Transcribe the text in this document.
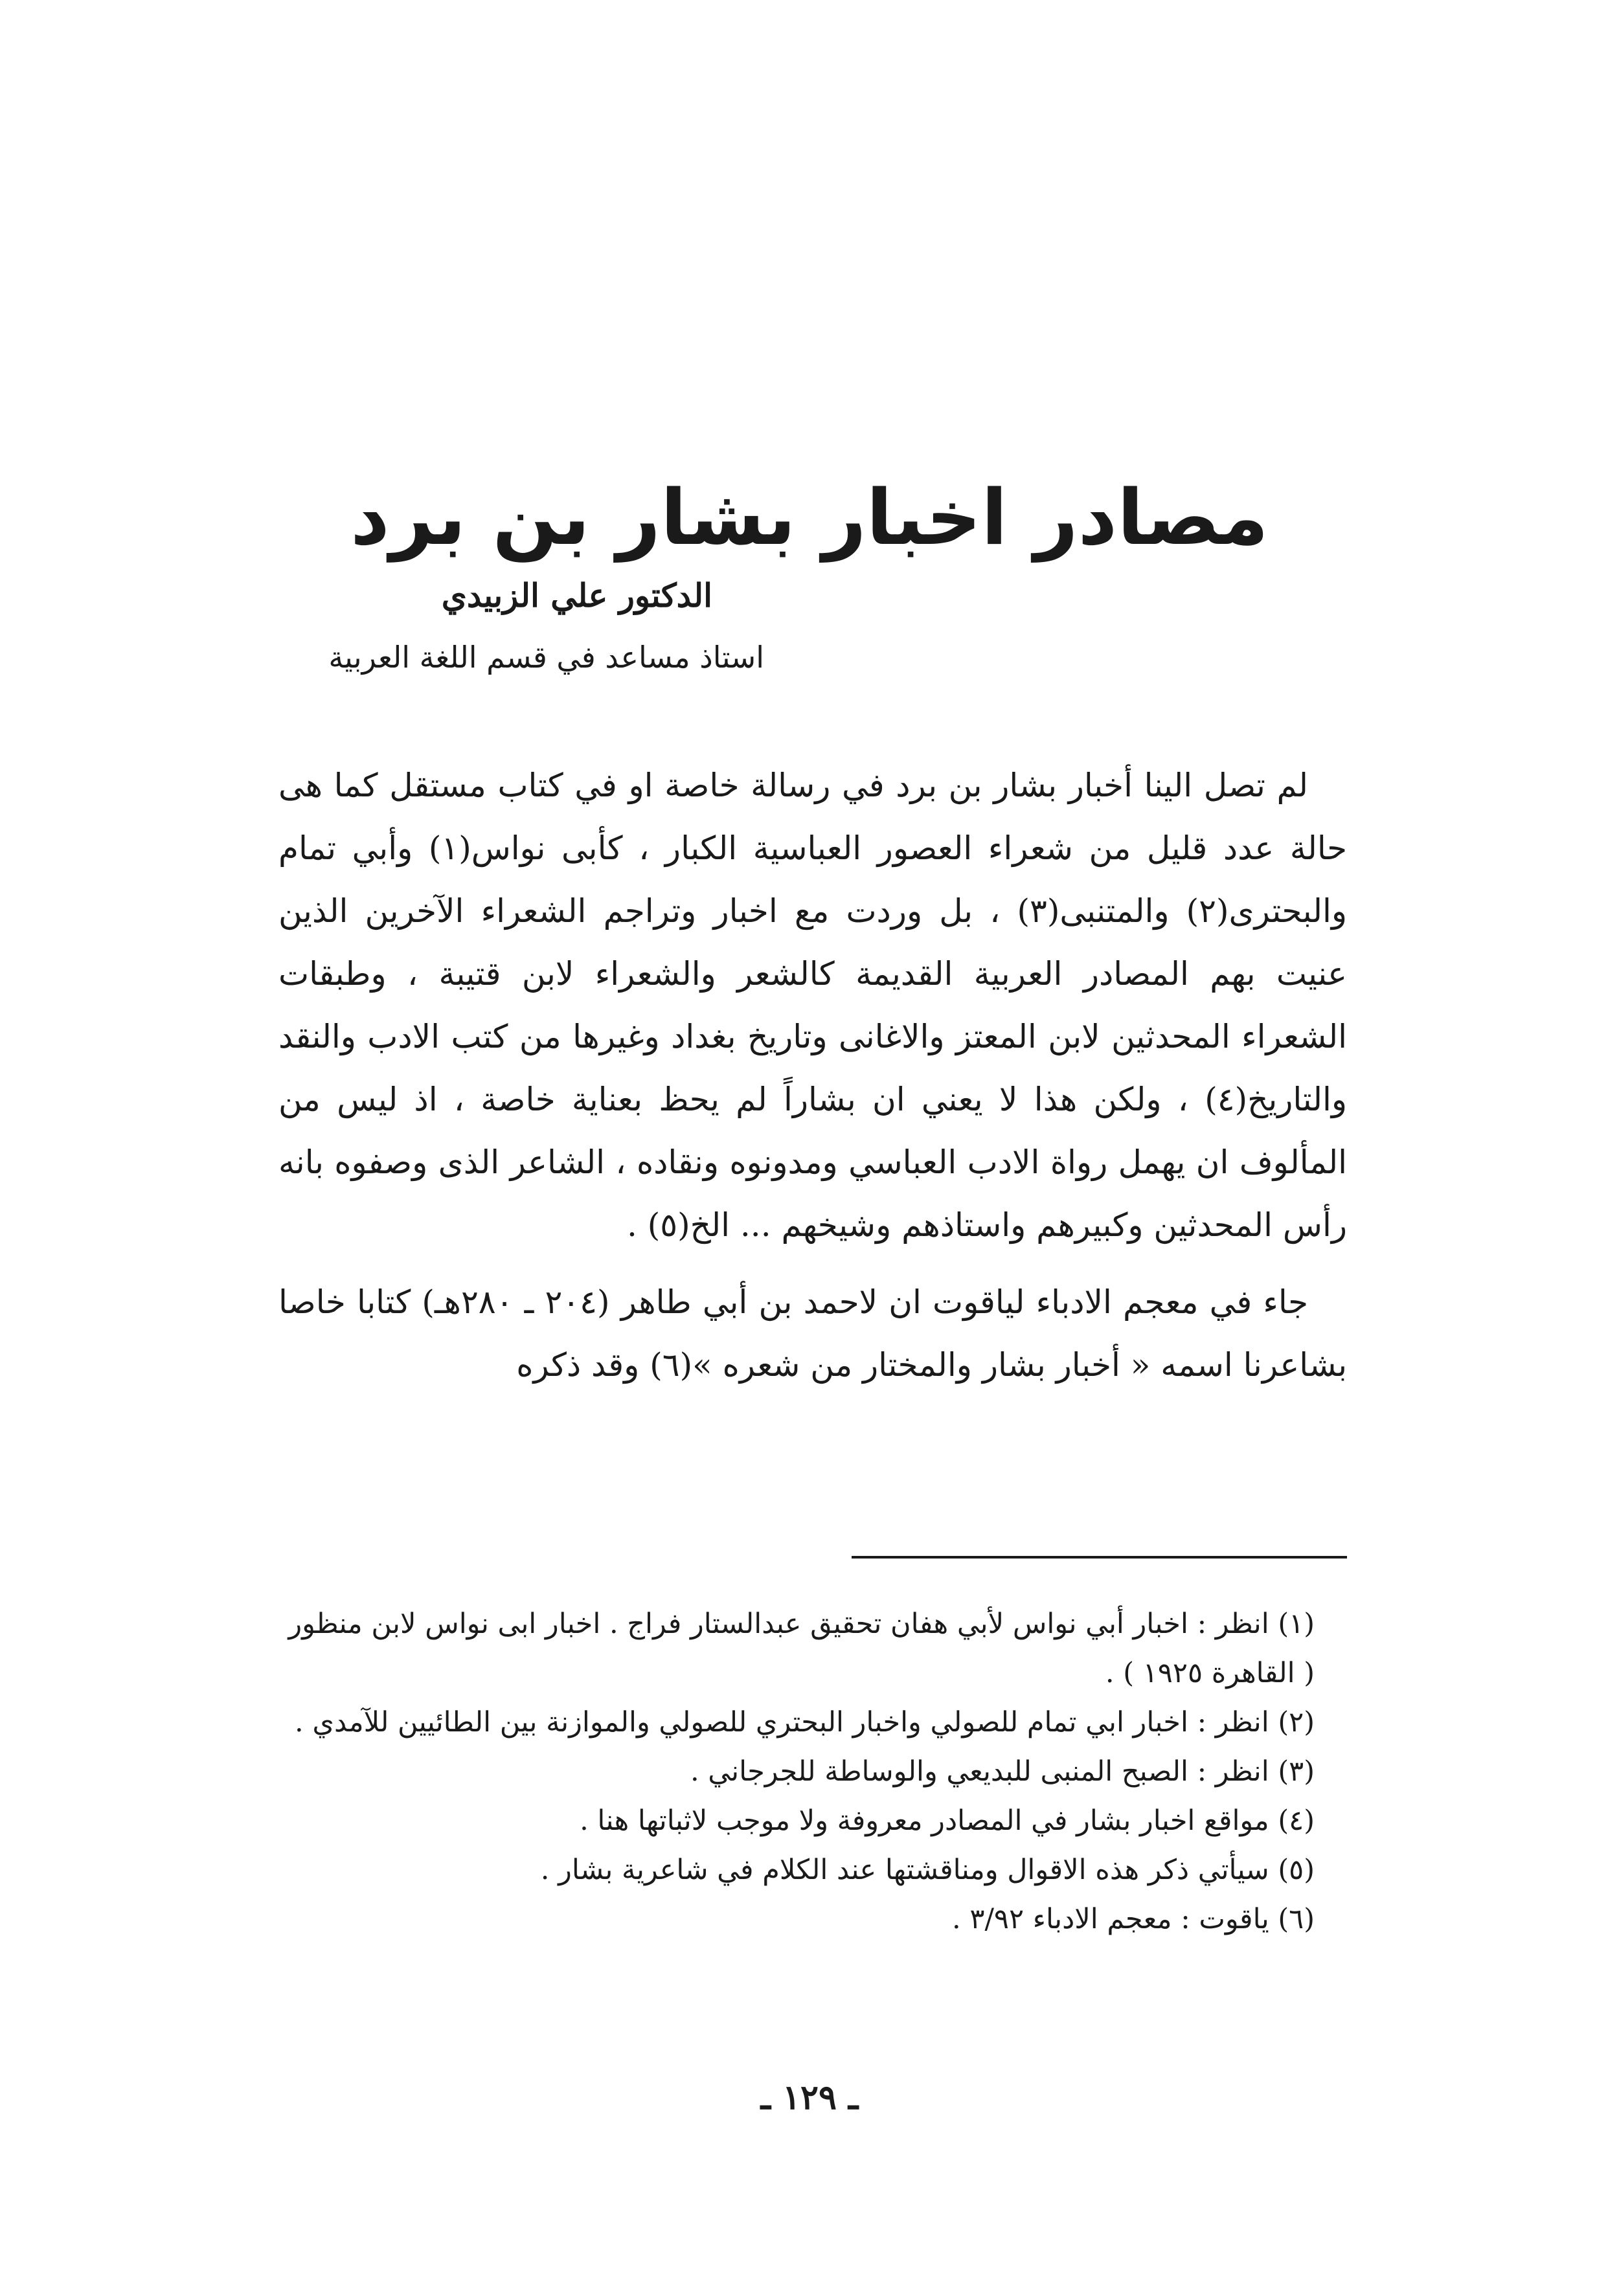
مصادر اخبار بشار بن برد
الدكتور علي الزبيدي
استاذ مساعد في قسم اللغة العربية

لم تصل الينا أخبار بشار بن برد في رسالة خاصة او في كتاب مستقل كما هى حالة عدد قليل من شعراء العصور العباسية الكبار ، كأبى نواس(١) وأبي تمام والبحترى(٢) والمتنبى(٣) ، بل وردت مع اخبار وتراجم الشعراء الآخرين الذين عنيت بهم المصادر العربية القديمة كالشعر والشعراء لابن قتيبة ، وطبقات الشعراء المحدثين لابن المعتز والاغانى وتاريخ بغداد وغيرها من كتب الادب والنقد والتاريخ(٤) ، ولكن هذا لا يعني ان بشاراً لم يحظ بعناية خاصة ، اذ ليس من المألوف ان يهمل رواة الادب العباسي ومدونوه ونقاده ، الشاعر الذى وصفوه بانه رأس المحدثين وكبيرهم واستاذهم وشيخهم ... الخ(٥) .

جاء في معجم الادباء لياقوت ان لاحمد بن أبي طاهر (٢٠٤ ـ ٢٨٠هـ) كتابا خاصا بشاعرنا اسمه « أخبار بشار والمختار من شعره »(٦) وقد ذكره

(١) انظر : اخبار أبي نواس لأبي هفان تحقيق عبدالستار فراج . اخبار ابى نواس لابن منظور ( القاهرة ١٩٢٥ ) .

(٢) انظر : اخبار ابي تمام للصولي واخبار البحتري للصولي والموازنة بين الطائيين للآمدي .

(٣) انظر : الصبح المنبى للبديعي والوساطة للجرجاني .

(٤) مواقع اخبار بشار في المصادر معروفة ولا موجب لاثباتها هنا .

(٥) سيأتي ذكر هذه الاقوال ومناقشتها عند الكلام في شاعرية بشار .

(٦) ياقوت : معجم الادباء ٣/٩٢ .

ـ ١٢٩ ـ
